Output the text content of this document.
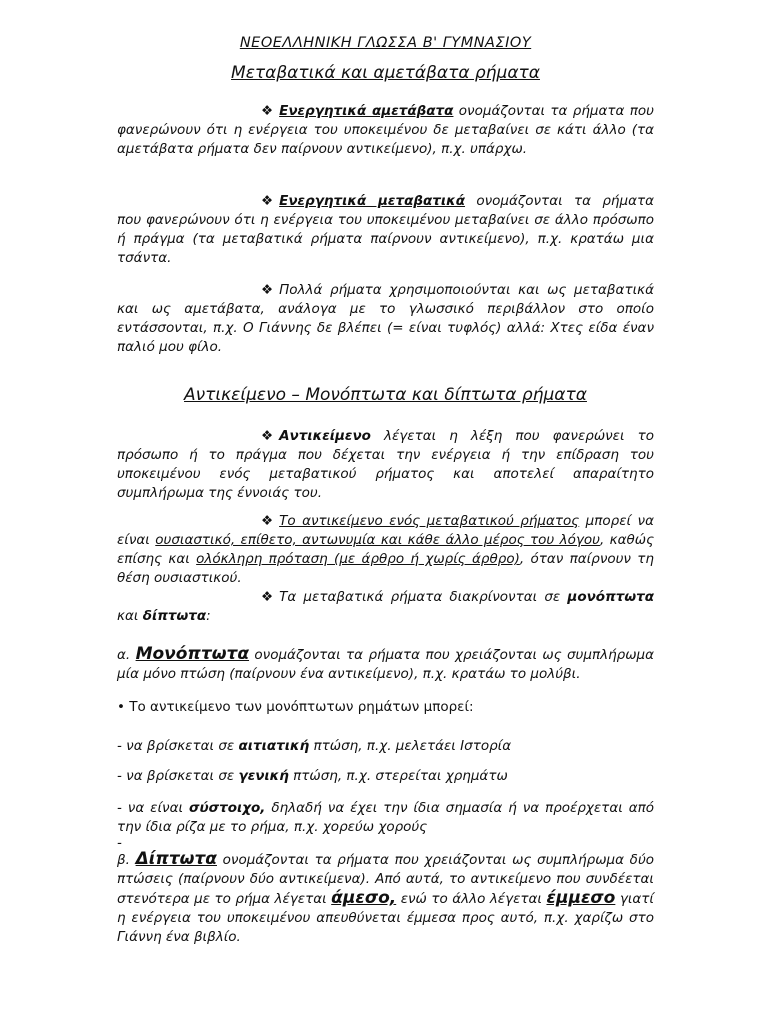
ΝΕΟΕΛΛΗΝΙΚΗ ΓΛΩΣΣΑ Β' ΓΥΜΝΑΣΙΟΥ

Μεταβατικά και αμετάβατα ρήματα

❖ Ενεργητικά αμετάβατα ονομάζονται τα ρήματα που φανερώνουν ότι η ενέργεια του υποκειμένου δε μεταβαίνει σε κάτι άλλο (τα αμετάβατα ρήματα δεν παίρνουν αντικείμενο), π.χ. υπάρχω.

❖ Ενεργητικά μεταβατικά ονομάζονται τα ρήματα που φανερώνουν ότι η ενέργεια του υποκειμένου μεταβαίνει σε άλλο πρόσωπο ή πράγμα (τα μεταβατικά ρήματα παίρνουν αντικείμενο), π.χ. κρατάω μια τσάντα.

❖ Πολλά ρήματα χρησιμοποιούνται και ως μεταβατικά και ως αμετάβατα, ανάλογα με το γλωσσικό περιβάλλον στο οποίο εντάσσονται, π.χ. Ο Γιάννης δε βλέπει (= είναι τυφλός) αλλά: Χτες είδα έναν παλιό μου φίλο.

Αντικείμενο – Μονόπτωτα και δίπτωτα ρήματα

❖ Αντικείμενο λέγεται η λέξη που φανερώνει το πρόσωπο ή το πράγμα που δέχεται την ενέργεια ή την επίδραση του υποκειμένου ενός μεταβατικού ρήματος και αποτελεί απαραίτητο συμπλήρωμα της έννοιάς του.

❖ Το αντικείμενο ενός μεταβατικού ρήματος μπορεί να είναι ουσιαστικό, επίθετο, αντωνυμία και κάθε άλλο μέρος του λόγου, καθώς επίσης και ολόκληρη πρόταση (με άρθρο ή χωρίς άρθρο), όταν παίρνουν τη θέση ουσιαστικού.

❖ Τα μεταβατικά ρήματα διακρίνονται σε μονόπτωτα και δίπτωτα:

α. Μονόπτωτα ονομάζονται τα ρήματα που χρειάζονται ως συμπλήρωμα μία μόνο πτώση (παίρνουν ένα αντικείμενο), π.χ. κρατάω το μολύβι.

• Το αντικείμενο των μονόπτωτων ρημάτων μπορεί:

- να βρίσκεται σε αιτιατική πτώση, π.χ. μελετάει Ιστορία

- να βρίσκεται σε γενική πτώση, π.χ. στερείται χρημάτω

- να είναι σύστοιχο, δηλαδή να έχει την ίδια σημασία ή να προέρχεται από την ίδια ρίζα με το ρήμα, π.χ. χορεύω χορούς

-

β. Δίπτωτα ονομάζονται τα ρήματα που χρειάζονται ως συμπλήρωμα δύο πτώσεις (παίρνουν δύο αντικείμενα). Από αυτά, το αντικείμενο που συνδέεται στενότερα με το ρήμα λέγεται άμεσο, ενώ το άλλο λέγεται έμμεσο γιατί η ενέργεια του υποκειμένου απευθύνεται έμμεσα προς αυτό, π.χ. χαρίζω στο Γιάννη ένα βιβλίο.
